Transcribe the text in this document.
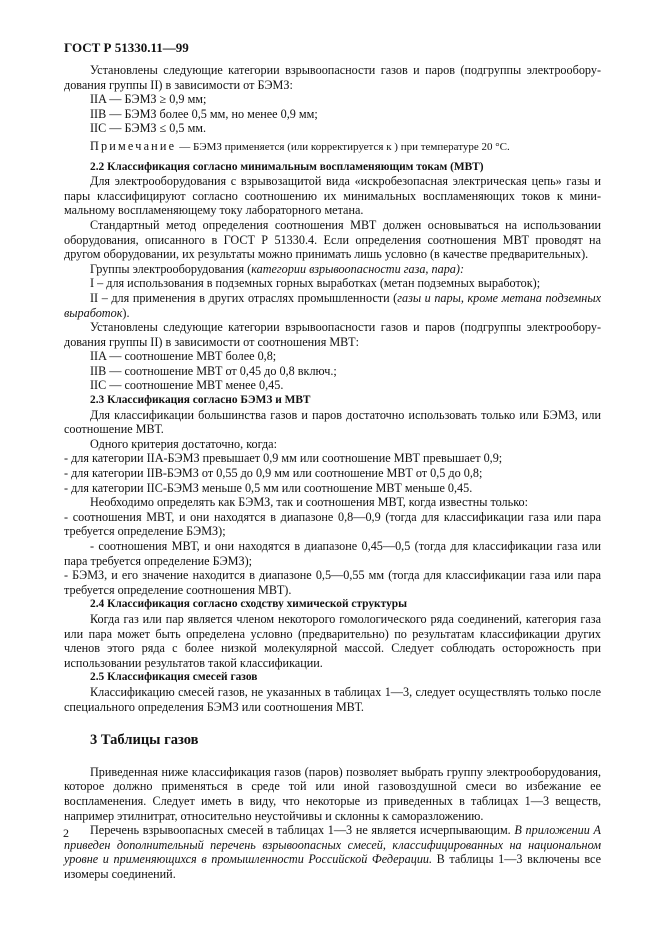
ГОСТ Р 51330.11—99

Установлены следующие категории взрывоопасности газов и паров (подгруппы электрооборудования группы II) в зависимости от БЭМЗ:

IIA — БЭМЗ ≥ 0,9 мм;

IIB — БЭМЗ более 0,5 мм, но менее 0,9 мм;

IIC — БЭМЗ ≤ 0,5 мм.

Примечание — БЭМЗ применяется (или корректируется к ) при температуре 20 °С.

2.2 Классификация согласно минимальным воспламеняющим токам (МВТ)

Для электрооборудования с взрывозащитой вида «искробезопасная электрическая цепь» газы и пары классифицируют согласно соотношению их минимальных воспламеняющих токов к минимальному воспламеняющему току лабораторного метана.

Стандартный метод определения соотношения МВТ должен основываться на использовании оборудования, описанного в ГОСТ Р 51330.4. Если определения соотношения МВТ проводят на другом оборудовании, их результаты можно принимать лишь условно (в качестве предварительных).

Группы электрооборудования (категории взрывоопасности газа, пара):

I – для использования в подземных горных выработках (метан подземных выработок);

II – для применения в других отраслях промышленности (газы и пары, кроме метана подземных выработок).

Установлены следующие категории взрывоопасности газов и паров (подгруппы электрооборудования группы II) в зависимости от соотношения МВТ:

IIA — соотношение МВТ более 0,8;

IIB — соотношение МВТ от 0,45 до 0,8 включ.;

IIC — соотношение МВТ менее 0,45.

2.3 Классификация согласно БЭМЗ и МВТ

Для классификации большинства газов и паров достаточно использовать только или БЭМЗ, или соотношение МВТ.

Одного критерия достаточно, когда:

- для категории IIA-БЭМЗ превышает 0,9 мм или соотношение МВТ превышает 0,9;

- для категории IIB-БЭМЗ от 0,55 до 0,9 мм или соотношение МВТ от 0,5 до 0,8;

- для категории IIC-БЭМЗ меньше 0,5 мм или соотношение МВТ меньше 0,45.

Необходимо определять как БЭМЗ, так и соотношения МВТ, когда известны только:

- соотношения МВТ, и они находятся в диапазоне 0,8—0,9 (тогда для классификации газа или пара требуется определение БЭМЗ);

- соотношения МВТ, и они находятся в диапазоне 0,45—0,5 (тогда для классификации газа или пара требуется определение БЭМЗ);

- БЭМЗ, и его значение находится в диапазоне 0,5—0,55 мм (тогда для классификации газа или пара требуется определение соотношения МВТ).

2.4 Классификация согласно сходству химической структуры

Когда газ или пар является членом некоторого гомологического ряда соединений, категория газа или пара может быть определена условно (предварительно) по результатам классификации других членов этого ряда с более низкой молекулярной массой. Следует соблюдать осторожность при использовании результатов такой классификации.

2.5 Классификация смесей газов

Классификацию смесей газов, не указанных в таблицах 1—3, следует осуществлять только после специального определения БЭМЗ или соотношения МВТ.

3 Таблицы газов

Приведенная ниже классификация газов (паров) позволяет выбрать группу электрооборудования, которое должно применяться в среде той или иной газовоздушной смеси во избежание ее воспламенения. Следует иметь в виду, что некоторые из приведенных в таблицах 1—3 веществ, например этилнитрат, относительно неустойчивы и склонны к саморазложению.

Перечень взрывоопасных смесей в таблицах 1—3 не является исчерпывающим. В приложении А приведен дополнительный перечень взрывоопасных смесей, классифицированных на национальном уровне и применяющихся в промышленности Российской Федерации. В таблицы 1—3 включены все изомеры соединений.

2
